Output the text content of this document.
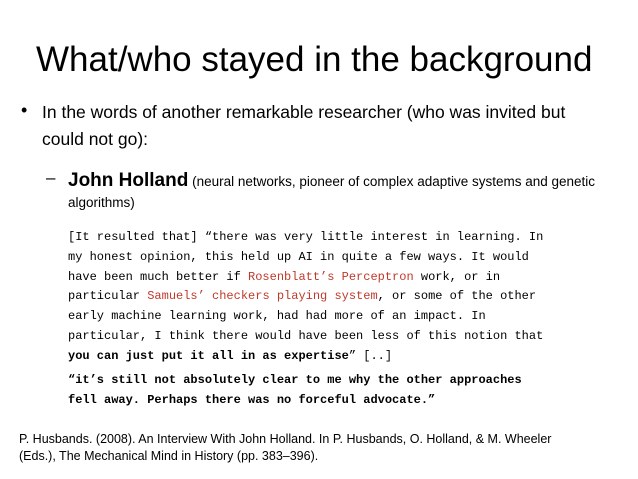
What/who stayed in the background
• In the words of another remarkable researcher (who was invited but could not go):
– John Holland (neural networks, pioneer of complex adaptive systems and genetic algorithms)
[It resulted that] “there was very little interest in learning. In
my honest opinion, this held up AI in quite a few ways. It would
have been much better if Rosenblatt’s Perceptron work, or in
particular Samuels’ checkers playing system, or some of the other
early machine learning work, had had more of an impact. In
particular, I think there would have been less of this notion that
you can just put it all in as expertise” [..]
“it’s still not absolutely clear to me why the other approaches
fell away. Perhaps there was no forceful advocate.”
P. Husbands. (2008). An Interview With John Holland. In P. Husbands, O. Holland, & M. Wheeler (Eds.), The Mechanical Mind in History (pp. 383–396).
